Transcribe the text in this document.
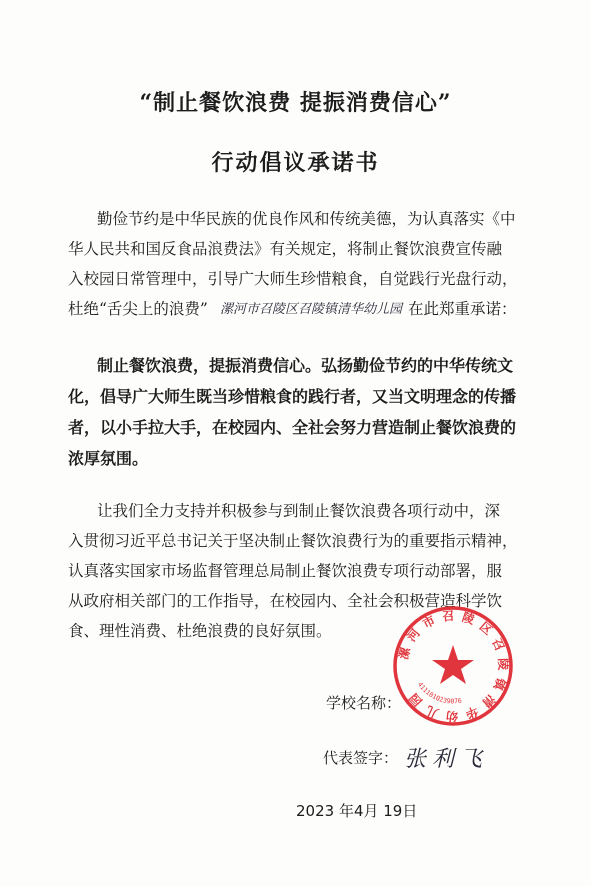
“制止餐饮浪费 提振消费信心”
行动倡议承诺书
勤俭节约是中华民族的优良作风和传统美德，为认真落实《中
华人民共和国反食品浪费法》有关规定，将制止餐饮浪费宣传融
入校园日常管理中，引导广大师生珍惜粮食，自觉践行光盘行动，
杜绝“舌尖上的浪费” 漯河市召陵区召陵镇清华幼儿园 在此郑重承诺：
制止餐饮浪费，提振消费信心。弘扬勤俭节约的中华传统文
化，倡导广大师生既当珍惜粮食的践行者，又当文明理念的传播
者，以小手拉大手，在校园内、全社会努力营造制止餐饮浪费的
浓厚氛围。
让我们全力支持并积极参与到制止餐饮浪费各项行动中，深
入贯彻习近平总书记关于坚决制止餐饮浪费行为的重要指示精神，
认真落实国家市场监督管理总局制止餐饮浪费专项行动部署，服
从政府相关部门的工作指导，在校园内、全社会积极营造科学饮
食、理性消费、杜绝浪费的良好氛围。
学校名称：
漯河市召陵区召陵镇清华幼儿园
4111010239076
代表签字： 张利飞
2023 年4月 19日
